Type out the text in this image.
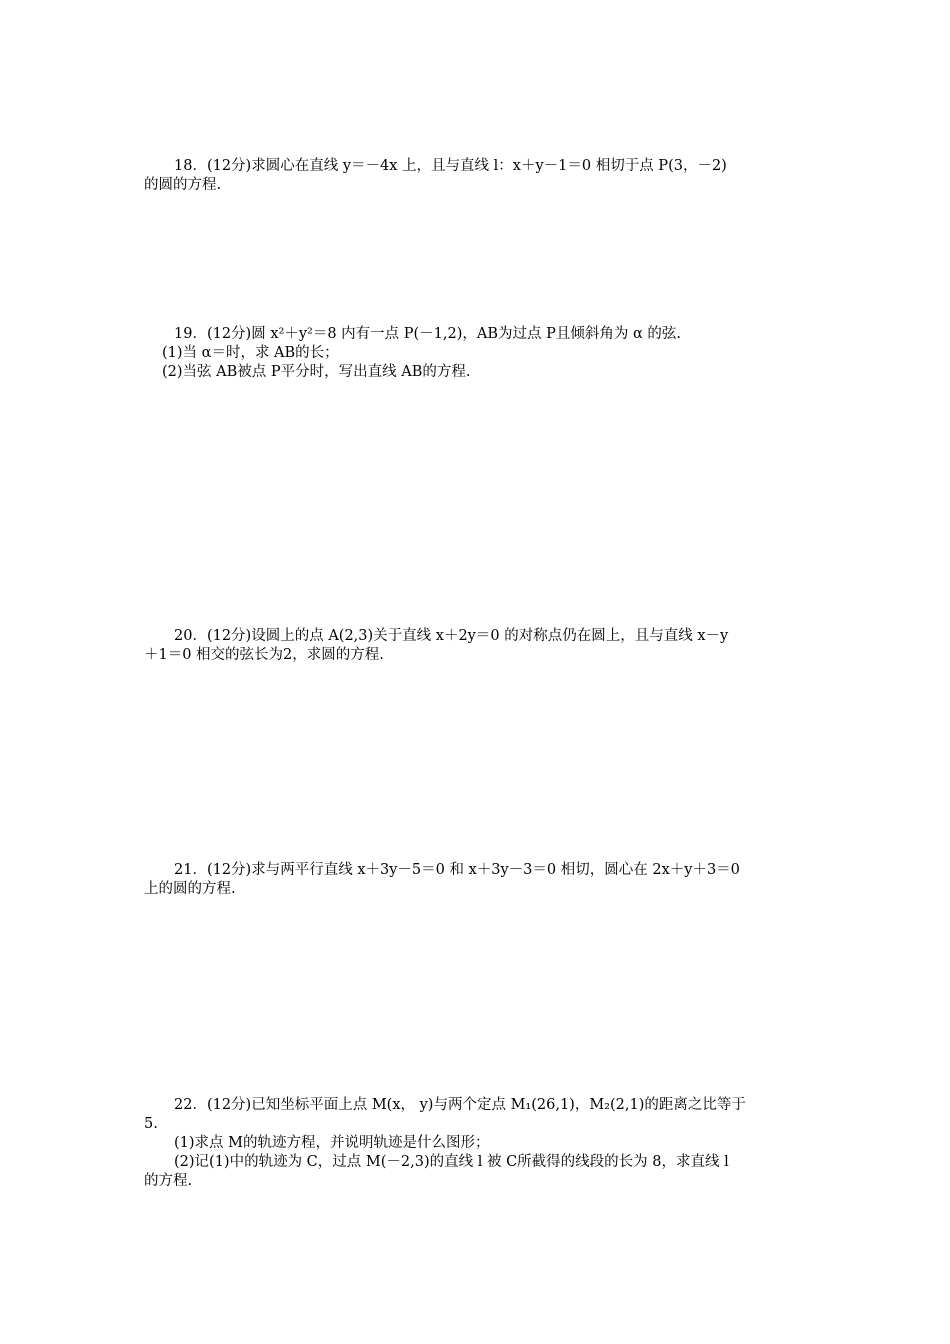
18．(12分)求圆心在直线 y＝－4x 上，且与直线 l：x＋y－1＝0 相切于点 P(3，－2)
的圆的方程.
19．(12分)圆 x²＋y²＝8 内有一点 P(－1,2)，AB为过点 P且倾斜角为 α 的弦.
(1)当 α＝时，求 AB的长；
(2)当弦 AB被点 P平分时，写出直线 AB的方程.
20．(12分)设圆上的点 A(2,3)关于直线 x＋2y＝0 的对称点仍在圆上，且与直线 x－y
＋1＝0 相交的弦长为2，求圆的方程.
21．(12分)求与两平行直线 x＋3y－5＝0 和 x＋3y－3＝0 相切，圆心在 2x＋y＋3＝0
上的圆的方程.
22．(12分)已知坐标平面上点 M(x， y)与两个定点 M₁(26,1)，M₂(2,1)的距离之比等于
5.
(1)求点 M的轨迹方程，并说明轨迹是什么图形；
(2)记(1)中的轨迹为 C，过点 M(－2,3)的直线 l 被 C所截得的线段的长为 8，求直线 l
的方程.
